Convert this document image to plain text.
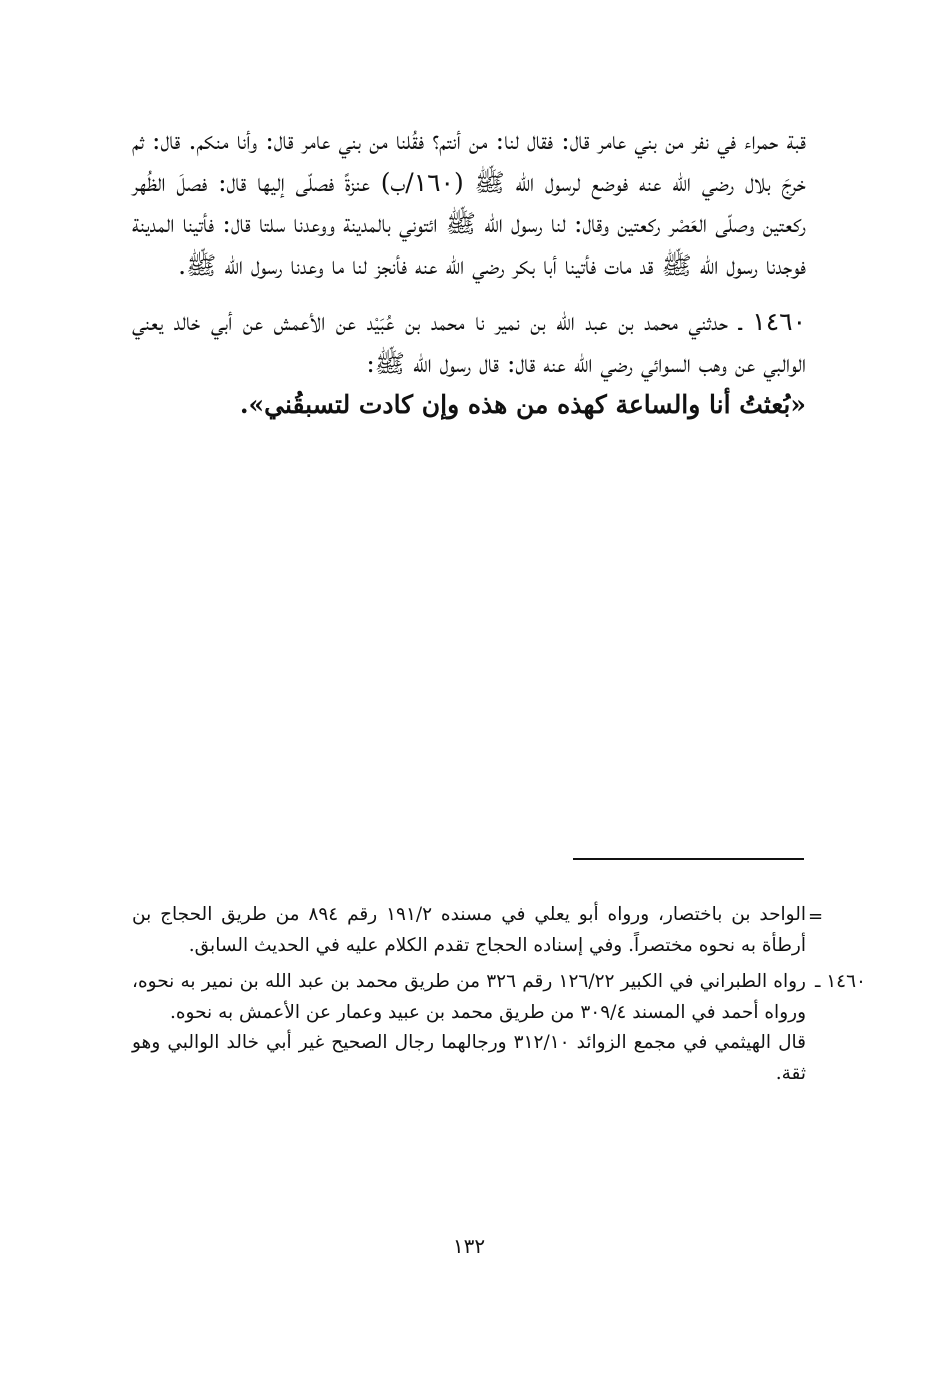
قبة حمراء في نفر من بني عامر قال: فقال لنا: من أنتم؟ فقُلنا من بني عامر قال: وأنا منكم. قال: ثم خرجَ بلال رضي الله عنه فوضع لرسول الله ﷺ (١٦٠/ب) عنزةً فصلّى إليها قال: فصلَ الظُهر ركعتين وصلّى العَصْر ركعتين وقال: لنا رسول الله ﷺ ائتوني بالمدينة ووعدنا سلتا قال: فأتينا المدينة فوجدنا رسول الله ﷺ قد مات فأتينا أبا بكر رضي الله عنه فأنجز لنا ما وعدنا رسول الله ﷺ.

١٤٦٠ ـ حدثني محمد بن عبد الله بن نمير نا محمد بن عُبَيْد عن الأعمش عن أبي خالد يعني الوالبي عن وهب السوائي رضي الله عنه قال: قال رسول الله ﷺ:

«بُعثتُ أنا والساعة كهذه من هذه وإن كادت لتسبقُني».

=

الواحد بن باختصار، ورواه أبو يعلي في مسنده ١٩١/٢ رقم ٨٩٤ من طريق الحجاج بن أرطأة به نحوه مختصراً. وفي إسناده الحجاج تقدم الكلام عليه في الحديث السابق.

١٤٦٠ ـ
رواه الطبراني في الكبير ١٢٦/٢٢ رقم ٣٢٦ من طريق محمد بن عبد الله بن نمير به نحوه، ورواه أحمد في المسند ٣٠٩/٤ من طريق محمد بن عبيد وعمار عن الأعمش به نحوه.

قال الهيثمي في مجمع الزوائد ٣١٢/١٠ ورجالهما رجال الصحيح غير أبي خالد الوالبي وهو ثقة.

١٣٢
